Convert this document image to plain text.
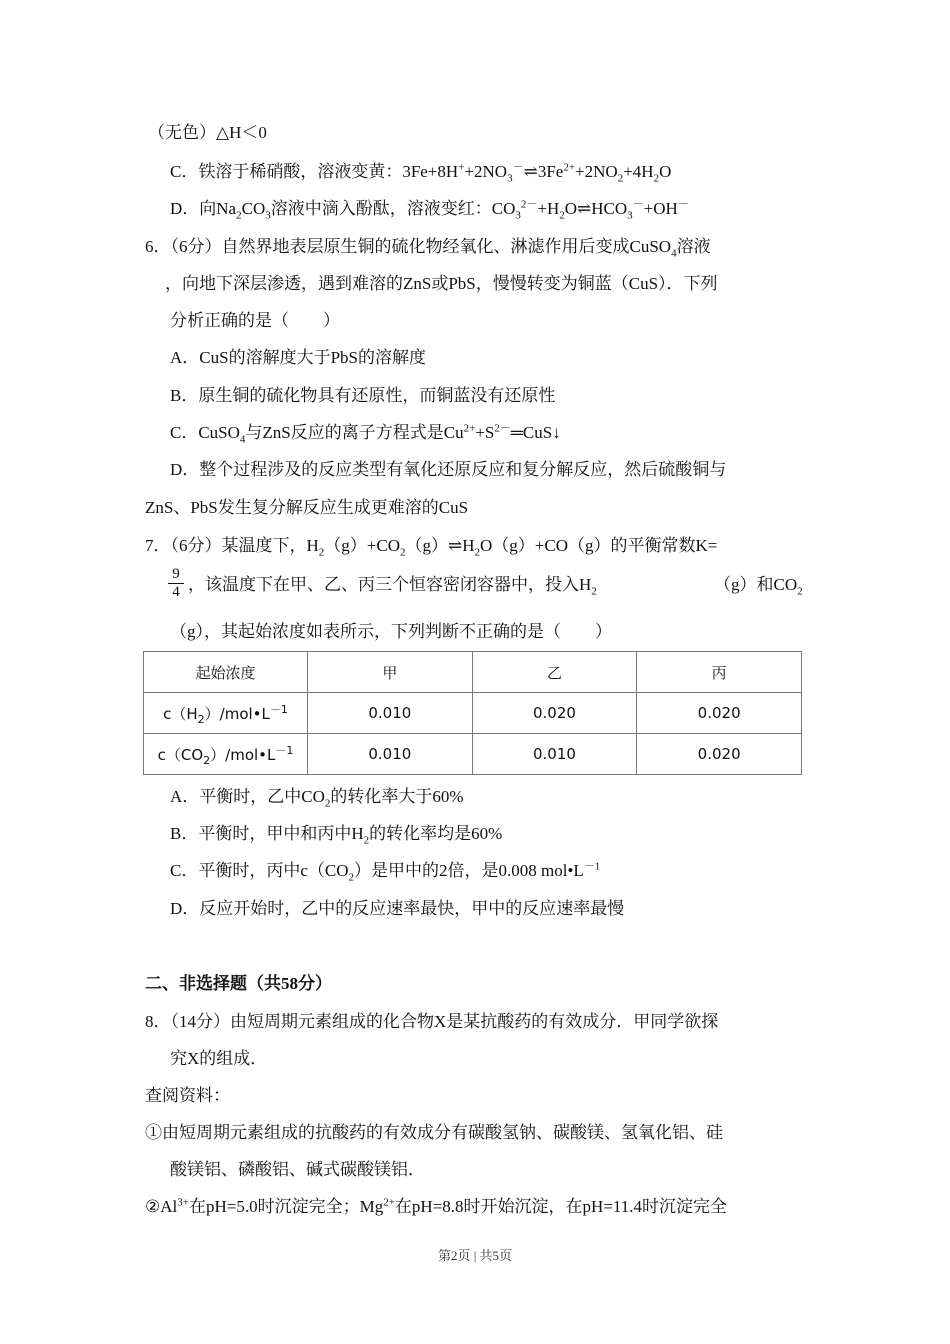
（无色）△H＜0
C．铁溶于稀硝酸，溶液变黄：$3Fe+8H^++2NO_3^-\rightleftharpoons 3Fe^{2+}+2NO_2+4H_2O$
D．向$Na_2CO_3$溶液中滴入酚酞，溶液变红：$CO_3^{2-}+H_2O\rightleftharpoons HCO_3^-+OH^-$
6．（6分）自然界地表层原生铜的硫化物经氧化、淋滤作用后变成CuSO$_4$溶液
，向地下深层渗透，遇到难溶的ZnS或PbS，慢慢转变为铜蓝（CuS）．下列
分析正确的是（　　）
A．CuS的溶解度大于PbS的溶解度
B．原生铜的硫化物具有还原性，而铜蓝没有还原性
C．CuSO$_4$与ZnS反应的离子方程式是$Cu^{2+}+S^{2-}═CuS↓$
D．整个过程涉及的反应类型有氧化还原反应和复分解反应，然后硫酸铜与
ZnS、PbS发生复分解反应生成更难溶的CuS
7．（6分）某温度下，$H_2(g)+CO_2(g)\rightleftharpoons H_2O(g)+CO(g)$的平衡常数K=
$\frac{9}{4}$ ，该温度下在甲、乙、丙三个恒容密闭容器中，投入$H_2$	（g）和$CO_2$
（g），其起始浓度如表所示，下列判断不正确的是（　　）
起始浓度	甲	乙	丙
$c(H_2)/mol•L^{-1}$	0.010	0.020	0.020
$c(CO_2)/mol•L^{-1}$	0.010	0.010	0.020
A．平衡时，乙中$CO_2$的转化率大于60%
B．平衡时，甲中和丙中$H_2$的转化率均是60%
C．平衡时，丙中$c(CO_2)$是甲中的2倍，是0.008 $mol•L^{-1}$
D．反应开始时，乙中的反应速率最快，甲中的反应速率最慢
二、非选择题（共58分）
8．（14分）由短周期元素组成的化合物X是某抗酸药的有效成分．甲同学欲探
究X的组成．
查阅资料：
①由短周期元素组成的抗酸药的有效成分有碳酸氢钠、碳酸镁、氢氧化铝、硅
酸镁铝、磷酸铝、碱式碳酸镁铝．
$②Al^{3+}$在pH=5.0时沉淀完全；$Mg^{2+}$在pH=8.8时开始沉淀，在pH=11.4时沉淀完全
第2页 | 共5页
